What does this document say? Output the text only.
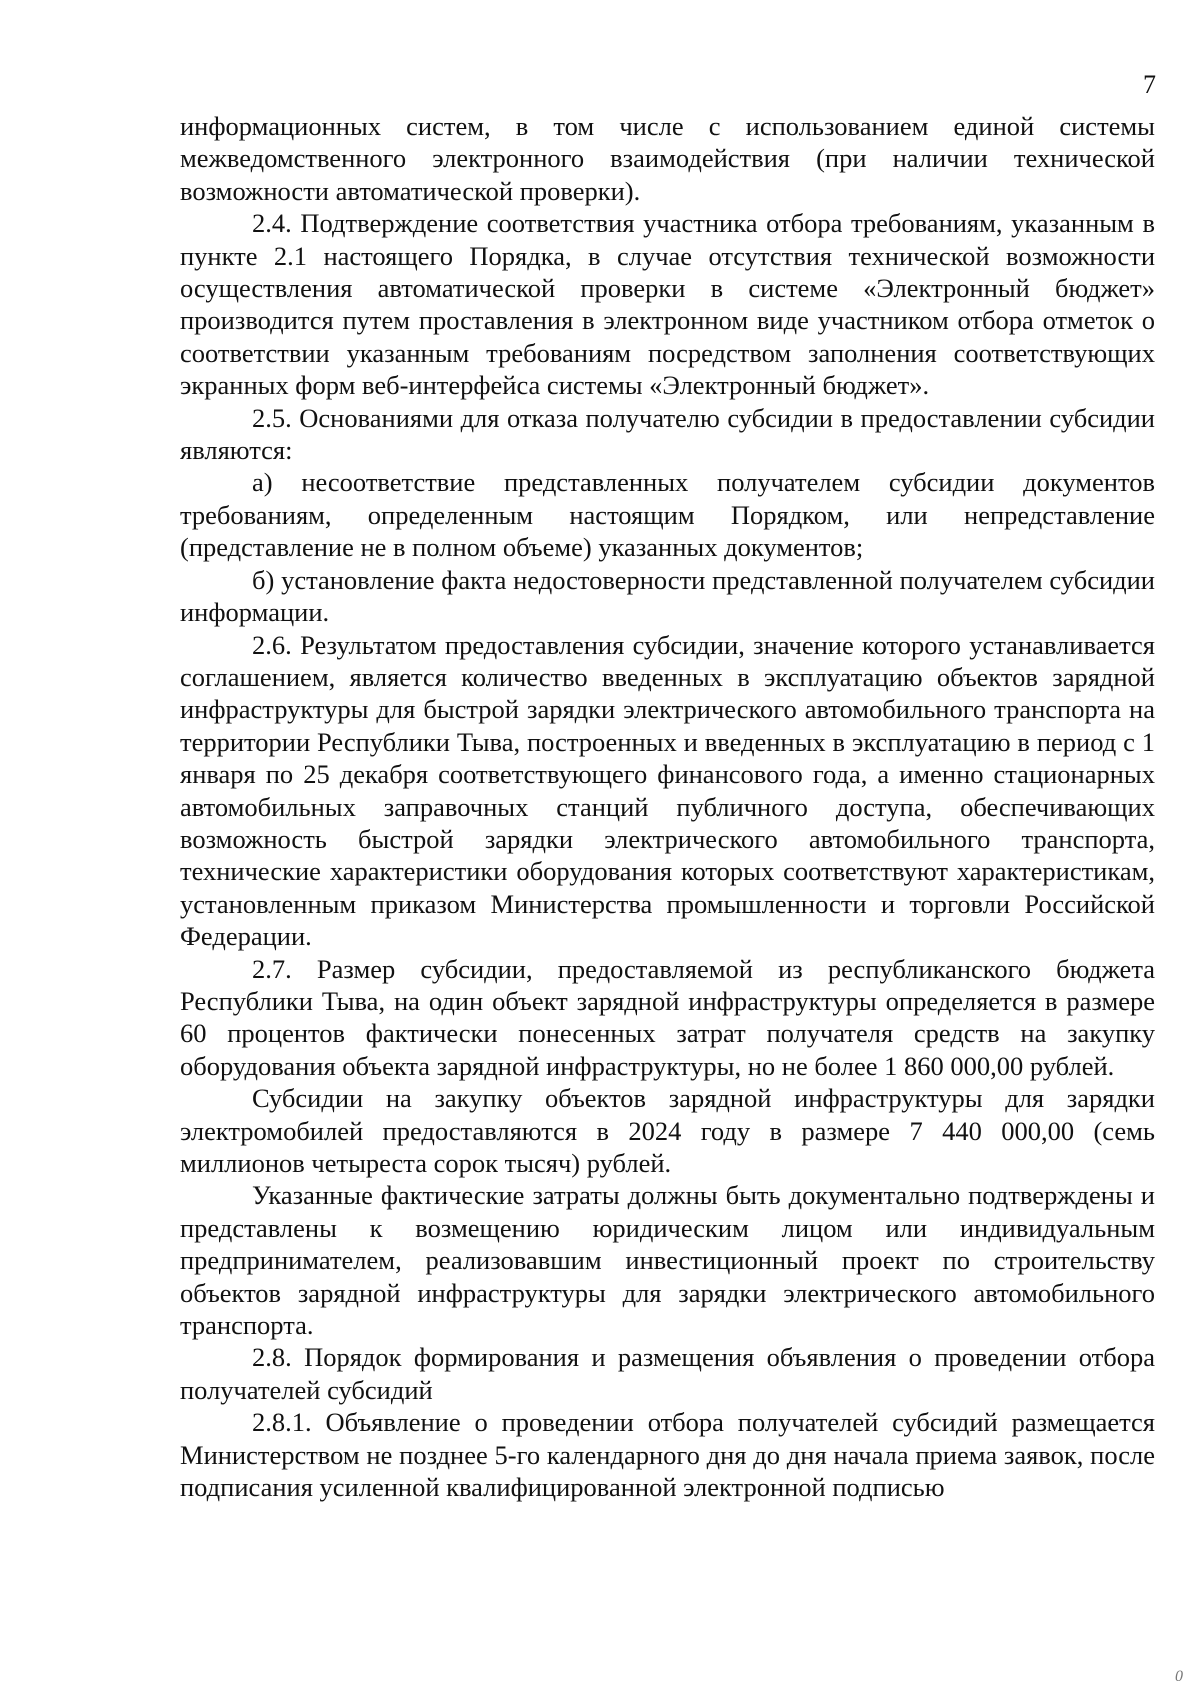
7

информационных систем, в том числе с использованием единой системы межведомственного электронного взаимодействия (при наличии технической возможности автоматической проверки).

2.4. Подтверждение соответствия участника отбора требованиям, указанным в пункте 2.1 настоящего Порядка, в случае отсутствия технической возможности осуществления автоматической проверки в системе «Электронный бюджет» производится путем проставления в электронном виде участником отбора отметок о соответствии указанным требованиям посредством заполнения соответствующих экранных форм веб-интерфейса системы «Электронный бюджет».

2.5. Основаниями для отказа получателю субсидии в предоставлении субсидии являются:

а) несоответствие представленных получателем субсидии документов требованиям, определенным настоящим Порядком, или непредставление (представление не в полном объеме) указанных документов;

б) установление факта недостоверности представленной получателем субсидии информации.

2.6. Результатом предоставления субсидии, значение которого устанавливается соглашением, является количество введенных в эксплуатацию объектов зарядной инфраструктуры для быстрой зарядки электрического автомобильного транспорта на территории Республики Тыва, построенных и введенных в эксплуатацию в период с 1 января по 25 декабря соответствующего финансового года, а именно стационарных автомобильных заправочных станций публичного доступа, обеспечивающих возможность быстрой зарядки электрического автомобильного транспорта, технические характеристики оборудования которых соответствуют характеристикам, установленным приказом Министерства промышленности и торговли Российской Федерации.

2.7. Размер субсидии, предоставляемой из республиканского бюджета Республики Тыва, на один объект зарядной инфраструктуры определяется в размере 60 процентов фактически понесенных затрат получателя средств на закупку оборудования объекта зарядной инфраструктуры, но не более 1 860 000,00 рублей.

Субсидии на закупку объектов зарядной инфраструктуры для зарядки электромобилей предоставляются в 2024 году в размере 7 440 000,00 (семь миллионов четыреста сорок тысяч) рублей.

Указанные фактические затраты должны быть документально подтверждены и представлены к возмещению юридическим лицом или индивидуальным предпринимателем, реализовавшим инвестиционный проект по строительству объектов зарядной инфраструктуры для зарядки электрического автомобильного транспорта.

2.8. Порядок формирования и размещения объявления о проведении отбора получателей субсидий

2.8.1. Объявление о проведении отбора получателей субсидий размещается Министерством не позднее 5-го календарного дня до дня начала приема заявок, после подписания усиленной квалифицированной электронной подписью

0
